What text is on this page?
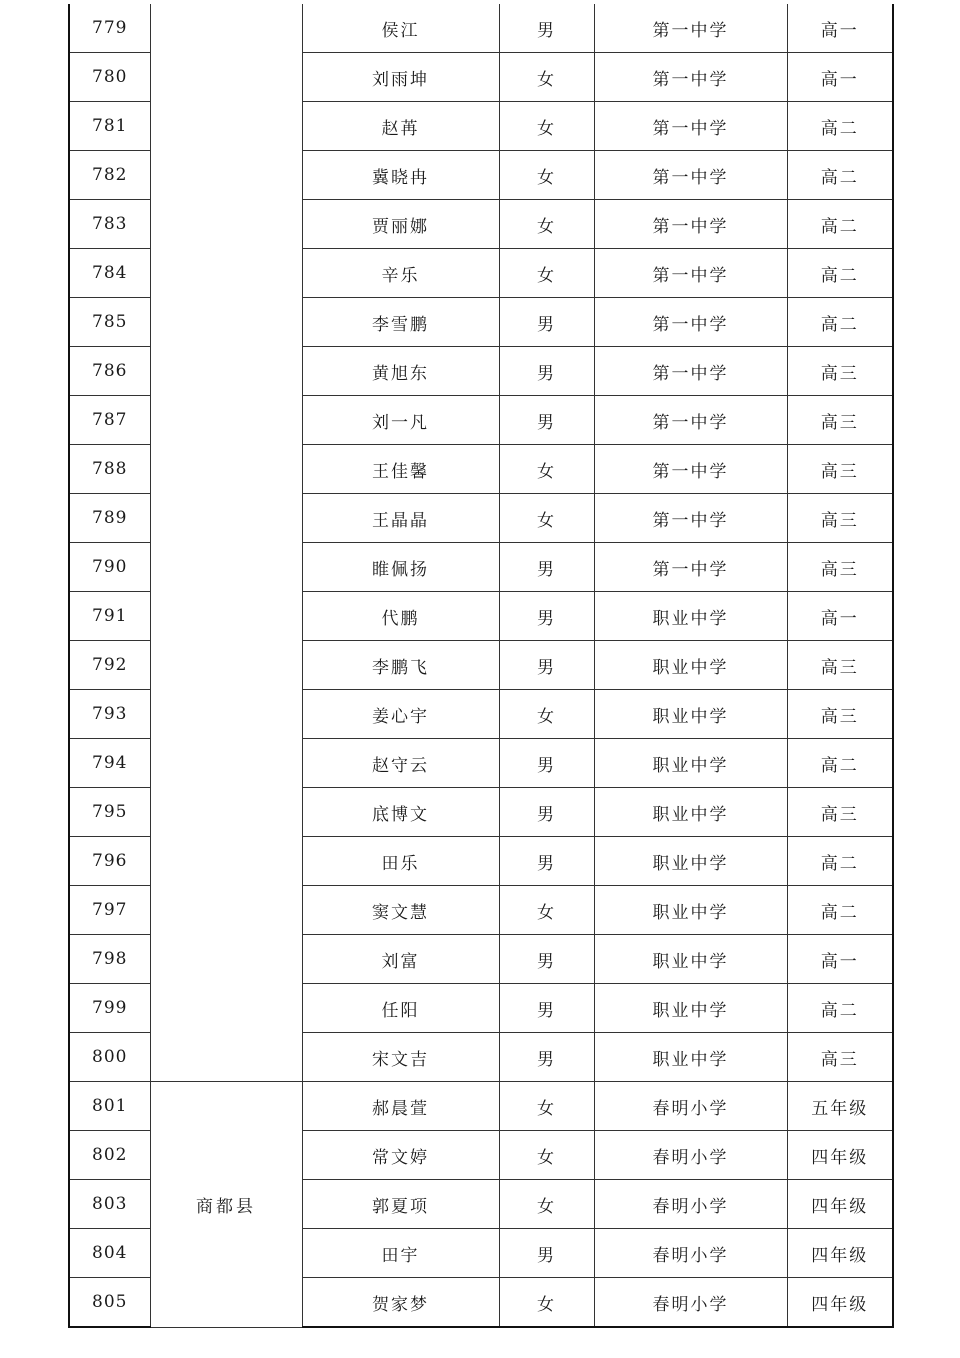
779		侯江	男	第一中学	高一
780		刘雨坤	女	第一中学	高一
781		赵苒	女	第一中学	高二
782		冀晓冉	女	第一中学	高二
783		贾丽娜	女	第一中学	高二
784		辛乐	女	第一中学	高二
785		李雪鹏	男	第一中学	高二
786		黄旭东	男	第一中学	高三
787		刘一凡	男	第一中学	高三
788		王佳馨	女	第一中学	高三
789		王晶晶	女	第一中学	高三
790		睢佩扬	男	第一中学	高三
791		代鹏	男	职业中学	高一
792		李鹏飞	男	职业中学	高三
793		姜心宇	女	职业中学	高三
794		赵守云	男	职业中学	高二
795		底博文	男	职业中学	高三
796		田乐	男	职业中学	高二
797		窦文慧	女	职业中学	高二
798		刘富	男	职业中学	高一
799		任阳	男	职业中学	高二
800		宋文吉	男	职业中学	高三
801	商都县	郝晨萱	女	春明小学	五年级
802		常文婷	女	春明小学	四年级
803		郭夏项	女	春明小学	四年级
804		田宇	男	春明小学	四年级
805		贺家梦	女	春明小学	四年级
